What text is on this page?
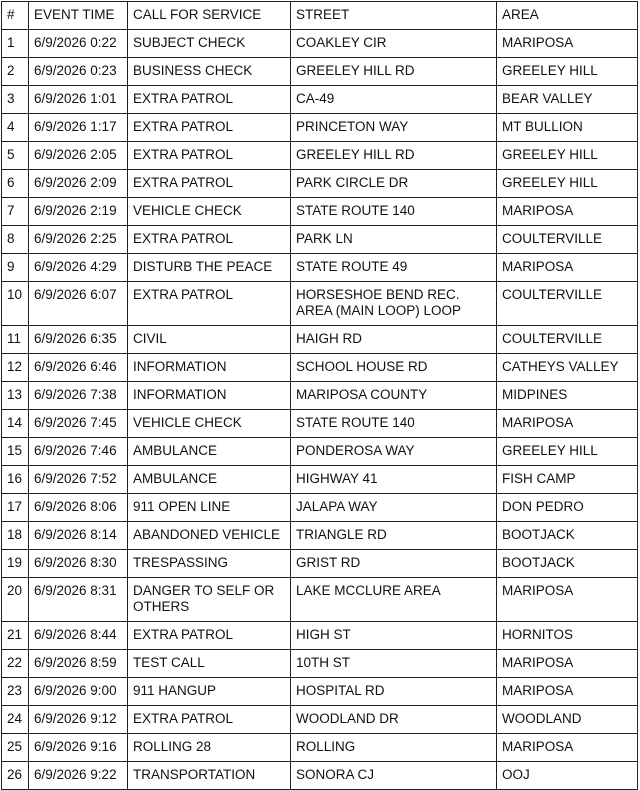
#	EVENT TIME	CALL FOR SERVICE	STREET	AREA
1	6/9/2026 0:22	SUBJECT CHECK	COAKLEY CIR	MARIPOSA
2	6/9/2026 0:23	BUSINESS CHECK	GREELEY HILL RD	GREELEY HILL
3	6/9/2026 1:01	EXTRA PATROL	CA-49	BEAR VALLEY
4	6/9/2026 1:17	EXTRA PATROL	PRINCETON WAY	MT BULLION
5	6/9/2026 2:05	EXTRA PATROL	GREELEY HILL RD	GREELEY HILL
6	6/9/2026 2:09	EXTRA PATROL	PARK CIRCLE DR	GREELEY HILL
7	6/9/2026 2:19	VEHICLE CHECK	STATE ROUTE 140	MARIPOSA
8	6/9/2026 2:25	EXTRA PATROL	PARK LN	COULTERVILLE
9	6/9/2026 4:29	DISTURB THE PEACE	STATE ROUTE 49	MARIPOSA
10	6/9/2026 6:07	EXTRA PATROL	HORSESHOE BEND REC. AREA (MAIN LOOP) LOOP	COULTERVILLE
11	6/9/2026 6:35	CIVIL	HAIGH RD	COULTERVILLE
12	6/9/2026 6:46	INFORMATION	SCHOOL HOUSE RD	CATHEYS VALLEY
13	6/9/2026 7:38	INFORMATION	MARIPOSA COUNTY	MIDPINES
14	6/9/2026 7:45	VEHICLE CHECK	STATE ROUTE 140	MARIPOSA
15	6/9/2026 7:46	AMBULANCE	PONDEROSA WAY	GREELEY HILL
16	6/9/2026 7:52	AMBULANCE	HIGHWAY 41	FISH CAMP
17	6/9/2026 8:06	911 OPEN LINE	JALAPA WAY	DON PEDRO
18	6/9/2026 8:14	ABANDONED VEHICLE	TRIANGLE RD	BOOTJACK
19	6/9/2026 8:30	TRESPASSING	GRIST RD	BOOTJACK
20	6/9/2026 8:31	DANGER TO SELF OR OTHERS	LAKE MCCLURE AREA	MARIPOSA
21	6/9/2026 8:44	EXTRA PATROL	HIGH ST	HORNITOS
22	6/9/2026 8:59	TEST CALL	10TH ST	MARIPOSA
23	6/9/2026 9:00	911 HANGUP	HOSPITAL RD	MARIPOSA
24	6/9/2026 9:12	EXTRA PATROL	WOODLAND DR	WOODLAND
25	6/9/2026 9:16	ROLLING 28	ROLLING	MARIPOSA
26	6/9/2026 9:22	TRANSPORTATION	SONORA CJ	OOJ
